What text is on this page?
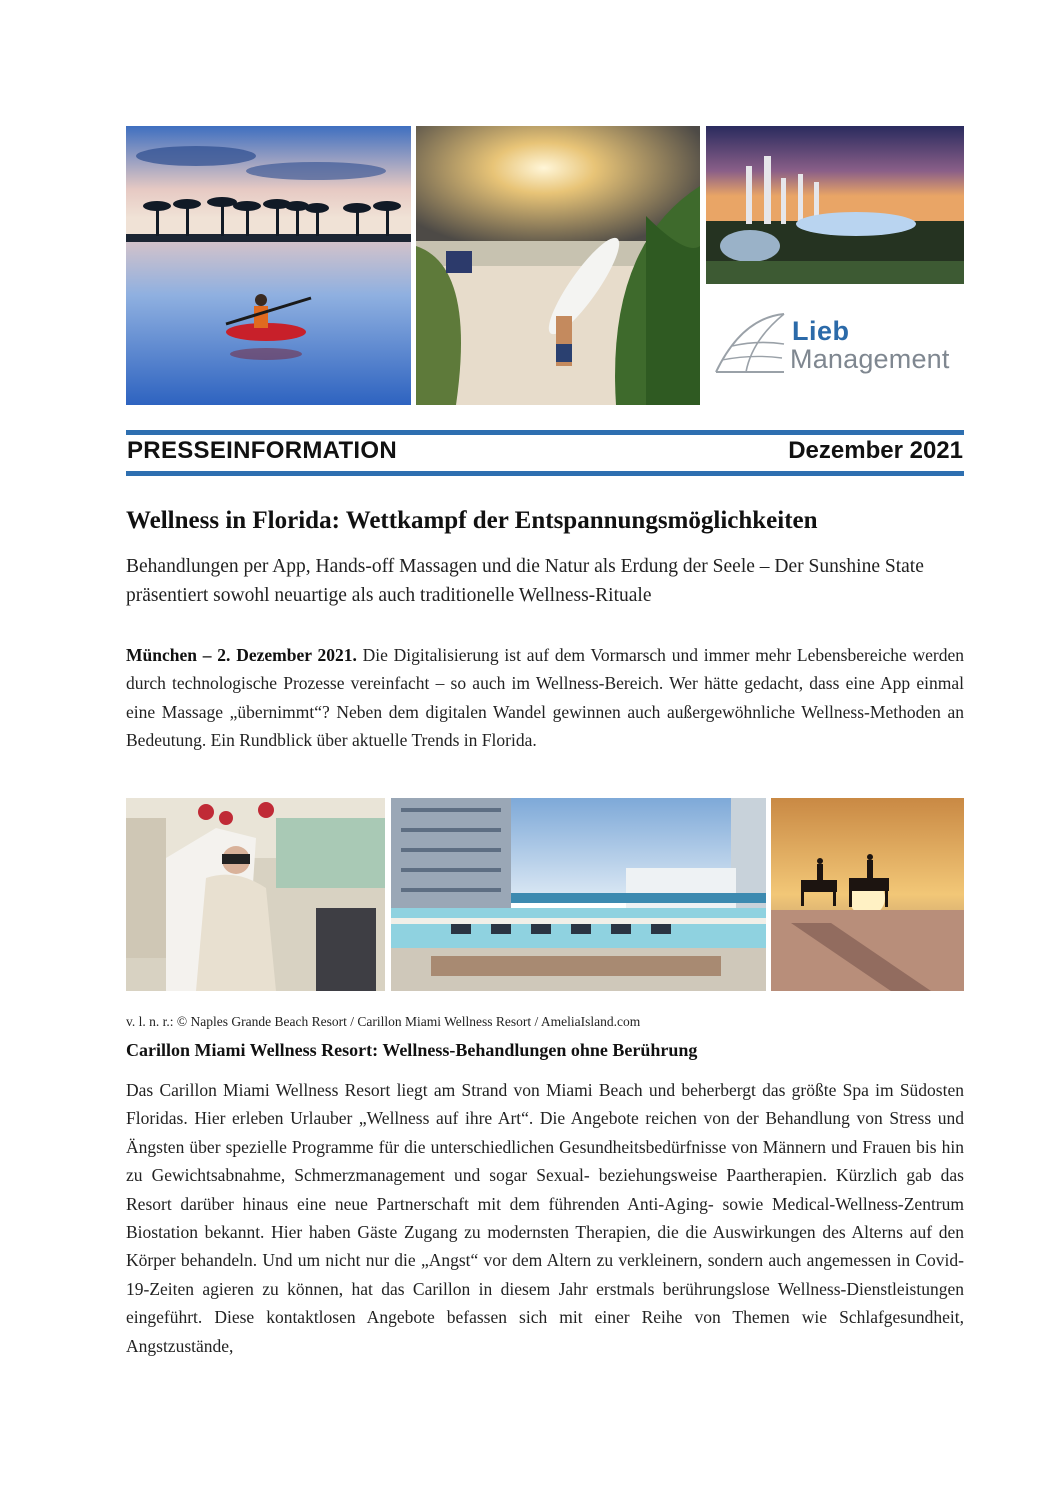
Lieb
Management
PRESSEINFORMATION	Dezember 2021
Wellness in Florida: Wettkampf der Entspannungsmöglichkeiten
Behandlungen per App, Hands-off Massagen und die Natur als Erdung der Seele – Der Sunshine State präsentiert sowohl neuartige als auch traditionelle Wellness-Rituale
München – 2. Dezember 2021. Die Digitalisierung ist auf dem Vormarsch und immer mehr Lebensbereiche werden durch technologische Prozesse vereinfacht – so auch im Wellness-Bereich. Wer hätte gedacht, dass eine App einmal eine Massage „übernimmt“? Neben dem digitalen Wandel gewinnen auch außergewöhnliche Wellness-Methoden an Bedeutung. Ein Rundblick über aktuelle Trends in Florida.
v. l. n. r.: © Naples Grande Beach Resort / Carillon Miami Wellness Resort / AmeliaIsland.com
Carillon Miami Wellness Resort: Wellness-Behandlungen ohne Berührung
Das Carillon Miami Wellness Resort liegt am Strand von Miami Beach und beherbergt das größte Spa im Südosten Floridas. Hier erleben Urlauber „Wellness auf ihre Art“. Die Angebote reichen von der Behandlung von Stress und Ängsten über spezielle Programme für die unterschiedlichen Gesundheitsbedürfnisse von Männern und Frauen bis hin zu Gewichtsabnahme, Schmerzmanagement und sogar Sexual- beziehungsweise Paartherapien. Kürzlich gab das Resort darüber hinaus eine neue Partnerschaft mit dem führenden Anti-Aging- sowie Medical-Wellness-Zentrum Biostation bekannt. Hier haben Gäste Zugang zu modernsten Therapien, die die Auswirkungen des Alterns auf den Körper behandeln. Und um nicht nur die „Angst“ vor dem Altern zu verkleinern, sondern auch angemessen in Covid-19-Zeiten agieren zu können, hat das Carillon in diesem Jahr erstmals berührungslose Wellness-Dienstleistungen eingeführt. Diese kontaktlosen Angebote befassen sich mit einer Reihe von Themen wie Schlafgesundheit, Angstzustände,
